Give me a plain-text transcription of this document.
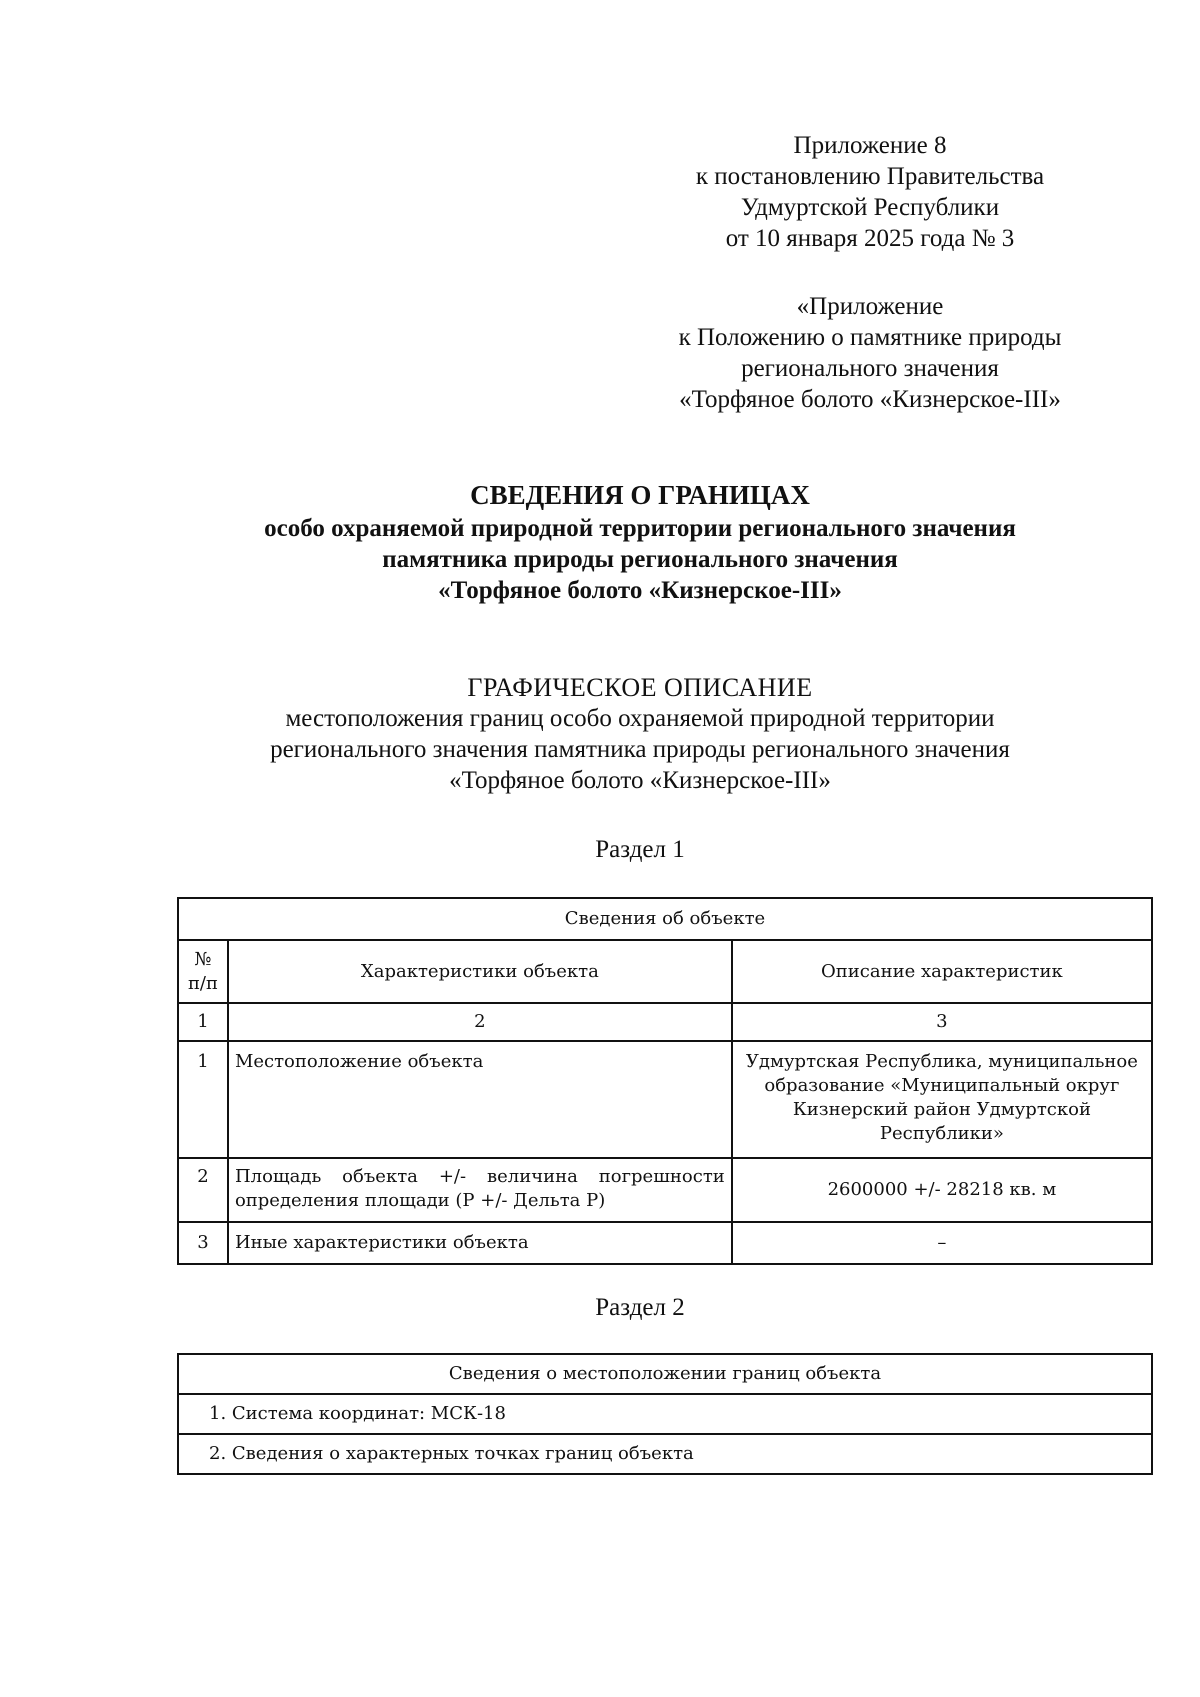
Приложение 8
к постановлению Правительства
Удмуртской Республики
от 10 января 2025 года № 3
«Приложение
к Положению о памятнике природы
регионального значения
«Торфяное болото «Кизнерское-III»
СВЕДЕНИЯ О ГРАНИЦАХ
особо охраняемой природной территории регионального значения
памятника природы регионального значения
«Торфяное болото «Кизнерское-III»
ГРАФИЧЕСКОЕ ОПИСАНИЕ
местоположения границ особо охраняемой природной территории
регионального значения памятника природы регионального значения
«Торфяное болото «Кизнерское-III»
Раздел 1
Сведения об объекте		
№ п/п	Характеристики объекта	Описание характеристик
1	2	3
1	Местоположение объекта	Удмуртская Республика, муниципальное образование «Муниципальный округ Кизнерский район Удмуртской Республики»
2	Площадь объекта +/- величина погрешности определения площади (P +/- Дельта P)	2600000 +/- 28218 кв. м
3	Иные характеристики объекта	–
Раздел 2
Сведения о местоположении границ объекта
1. Система координат: МСК-18
2. Сведения о характерных точках границ объекта
